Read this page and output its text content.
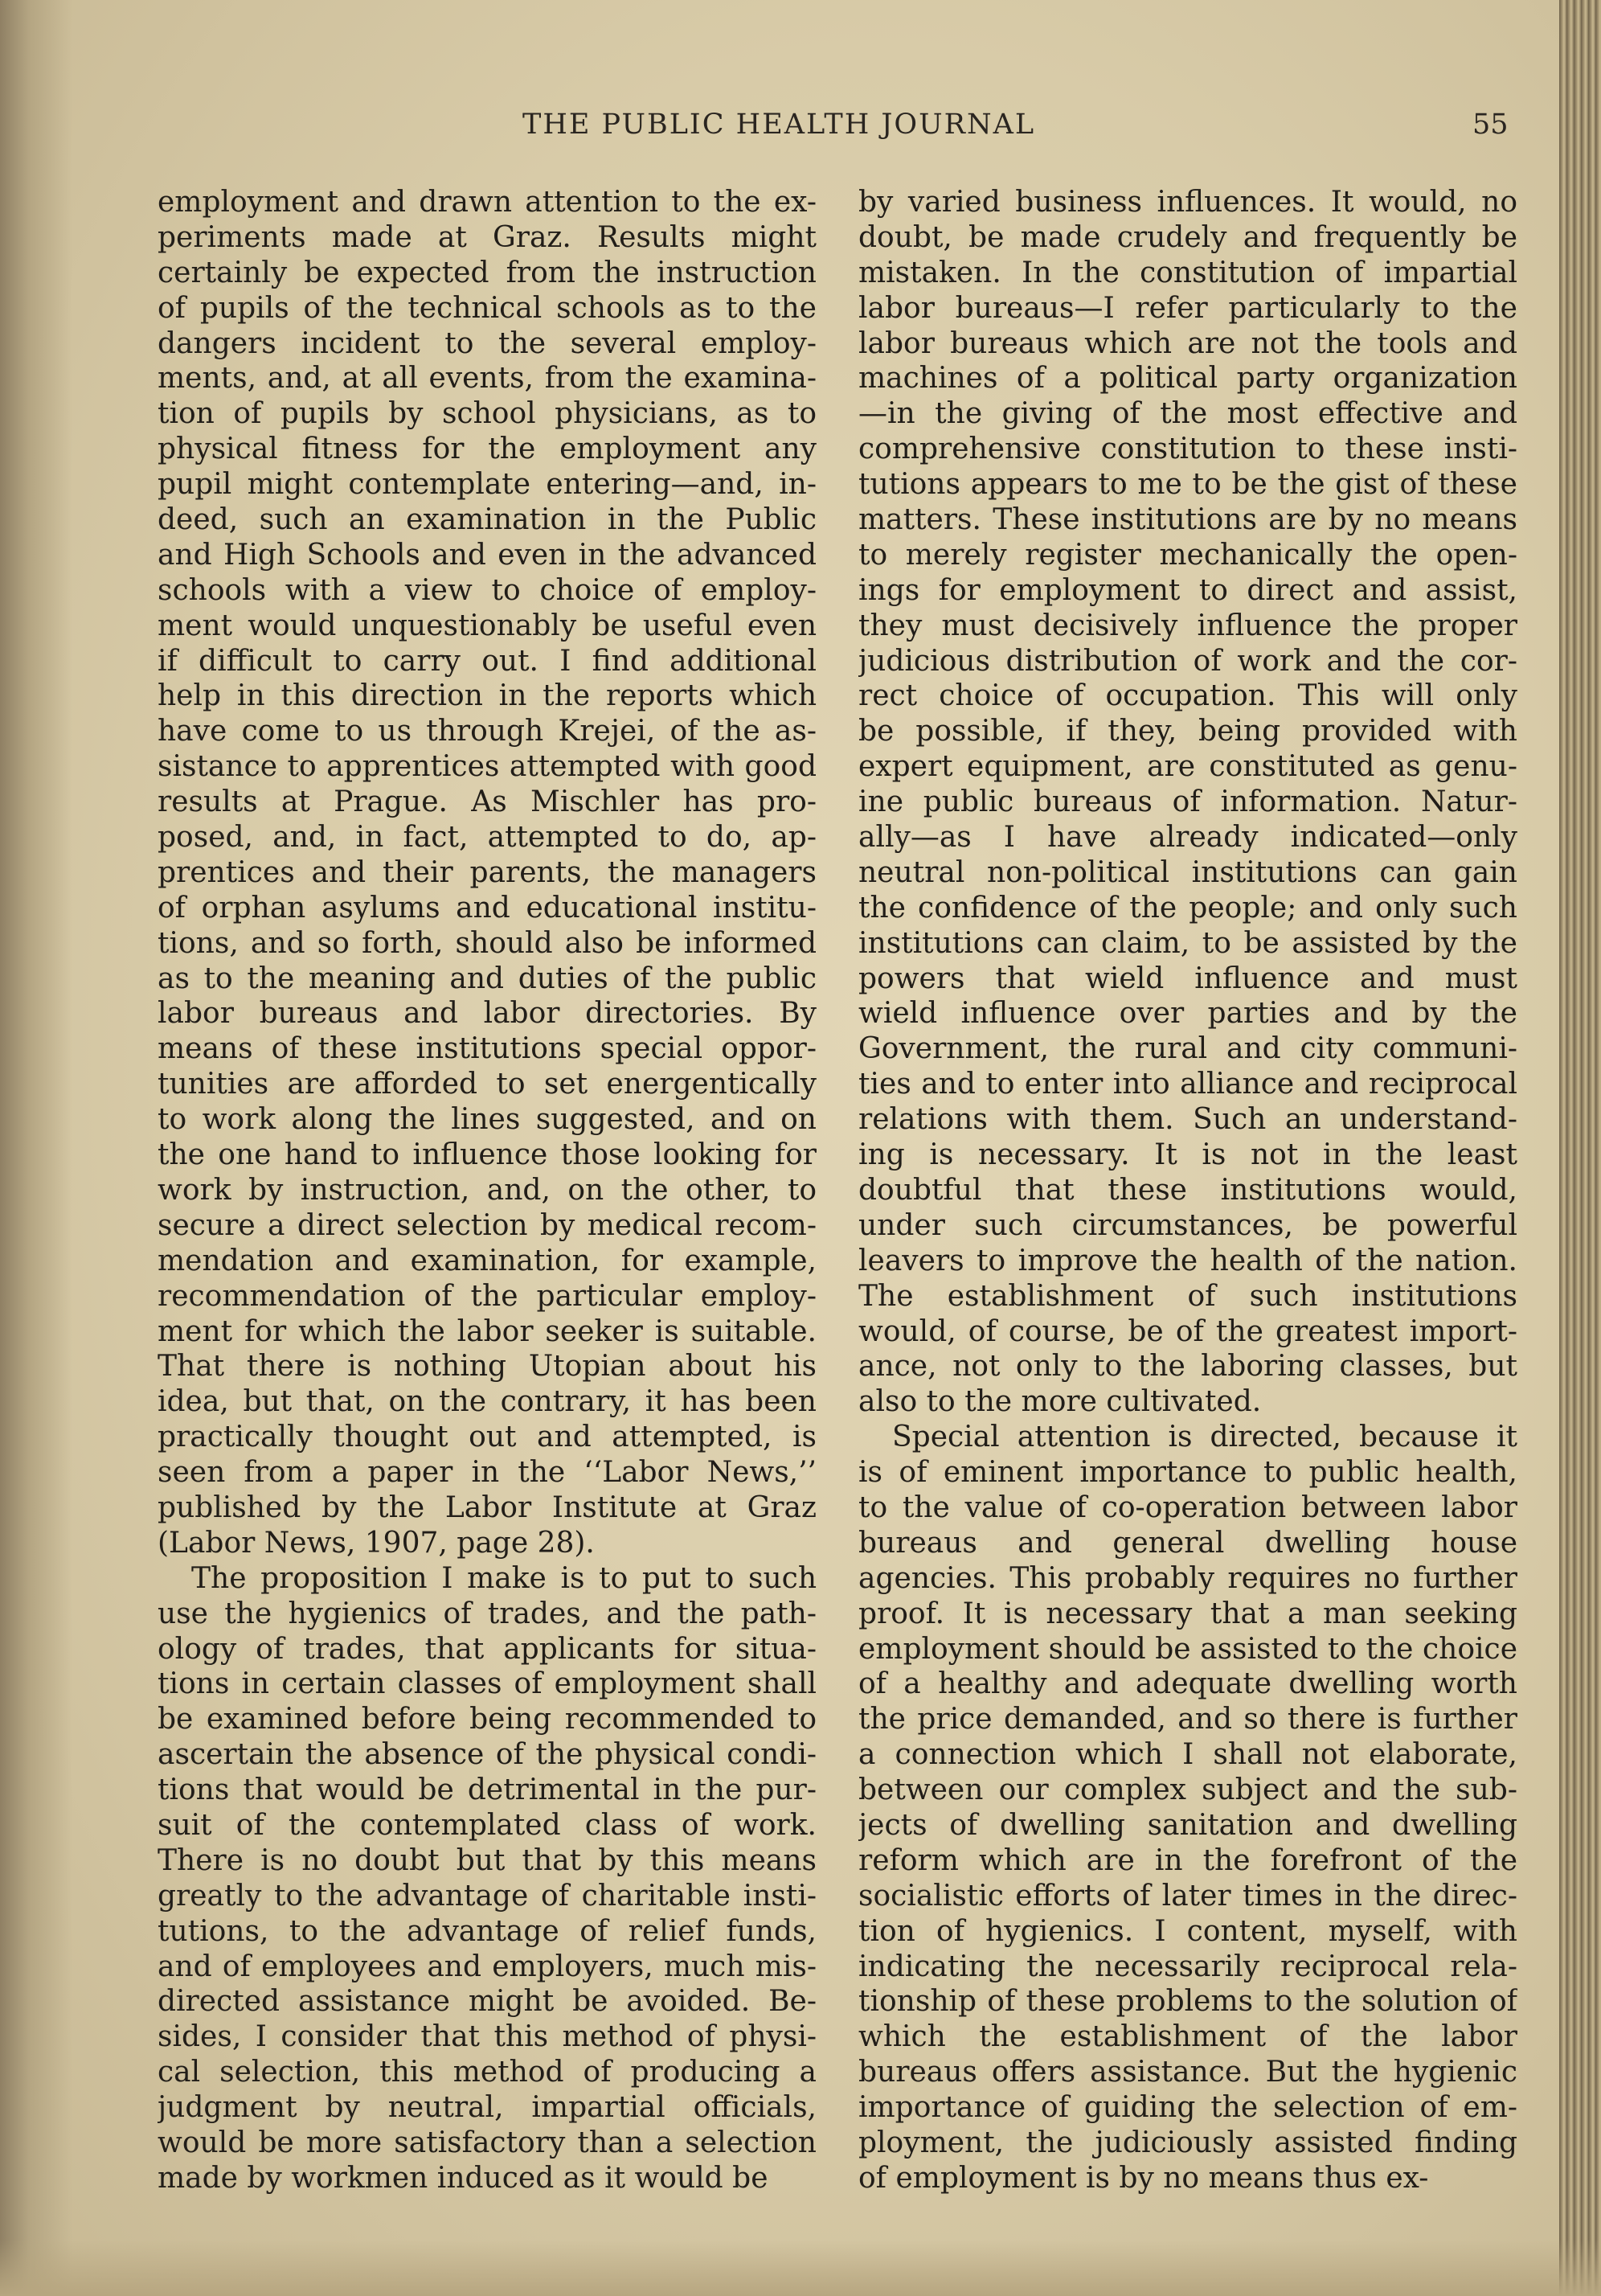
THE PUBLIC HEALTH JOURNAL	55
employment and drawn attention to the ex-
periments made at Graz. Results might
certainly be expected from the instruction
of pupils of the technical schools as to the
dangers incident to the several employ-
ments, and, at all events, from the examina-
tion of pupils by school physicians, as to
physical fitness for the employment any
pupil might contemplate entering—and, in-
deed, such an examination in the Public
and High Schools and even in the advanced
schools with a view to choice of employ-
ment would unquestionably be useful even
if difficult to carry out. I find additional
help in this direction in the reports which
have come to us through Krejei, of the as-
sistance to apprentices attempted with good
results at Prague. As Mischler has pro-
posed, and, in fact, attempted to do, ap-
prentices and their parents, the managers
of orphan asylums and educational institu-
tions, and so forth, should also be informed
as to the meaning and duties of the public
labor bureaus and labor directories. By
means of these institutions special oppor-
tunities are afforded to set energentically
to work along the lines suggested, and on
the one hand to influence those looking for
work by instruction, and, on the other, to
secure a direct selection by medical recom-
mendation and examination, for example,
recommendation of the particular employ-
ment for which the labor seeker is suitable.
That there is nothing Utopian about his
idea, but that, on the contrary, it has been
practically thought out and attempted, is
seen from a paper in the ‘‘Labor News,’’
published by the Labor Institute at Graz
(Labor News, 1907, page 28).
The proposition I make is to put to such
use the hygienics of trades, and the path-
ology of trades, that applicants for situa-
tions in certain classes of employment shall
be examined before being recommended to
ascertain the absence of the physical condi-
tions that would be detrimental in the pur-
suit of the contemplated class of work.
There is no doubt but that by this means
greatly to the advantage of charitable insti-
tutions, to the advantage of relief funds,
and of employees and employers, much mis-
directed assistance might be avoided. Be-
sides, I consider that this method of physi-
cal selection, this method of producing a
judgment by neutral, impartial officials,
would be more satisfactory than a selection
made by workmen induced as it would be
by varied business influences. It would, no
doubt, be made crudely and frequently be
mistaken. In the constitution of impartial
labor bureaus—I refer particularly to the
labor bureaus which are not the tools and
machines of a political party organization
—in the giving of the most effective and
comprehensive constitution to these insti-
tutions appears to me to be the gist of these
matters. These institutions are by no means
to merely register mechanically the open-
ings for employment to direct and assist,
they must decisively influence the proper
judicious distribution of work and the cor-
rect choice of occupation. This will only
be possible, if they, being provided with
expert equipment, are constituted as genu-
ine public bureaus of information. Natur-
ally—as I have already indicated—only
neutral non-political institutions can gain
the confidence of the people; and only such
institutions can claim, to be assisted by the
powers that wield influence and must
wield influence over parties and by the
Government, the rural and city communi-
ties and to enter into alliance and reciprocal
relations with them. Such an understand-
ing is necessary. It is not in the least
doubtful that these institutions would,
under such circumstances, be powerful
leavers to improve the health of the nation.
The establishment of such institutions
would, of course, be of the greatest import-
ance, not only to the laboring classes, but
also to the more cultivated.
Special attention is directed, because it
is of eminent importance to public health,
to the value of co-operation between labor
bureaus and general dwelling house
agencies. This probably requires no further
proof. It is necessary that a man seeking
employment should be assisted to the choice
of a healthy and adequate dwelling worth
the price demanded, and so there is further
a connection which I shall not elaborate,
between our complex subject and the sub-
jects of dwelling sanitation and dwelling
reform which are in the forefront of the
socialistic efforts of later times in the direc-
tion of hygienics. I content, myself, with
indicating the necessarily reciprocal rela-
tionship of these problems to the solution of
which the establishment of the labor
bureaus offers assistance. But the hygienic
importance of guiding the selection of em-
ployment, the judiciously assisted finding
of employment is by no means thus ex-
